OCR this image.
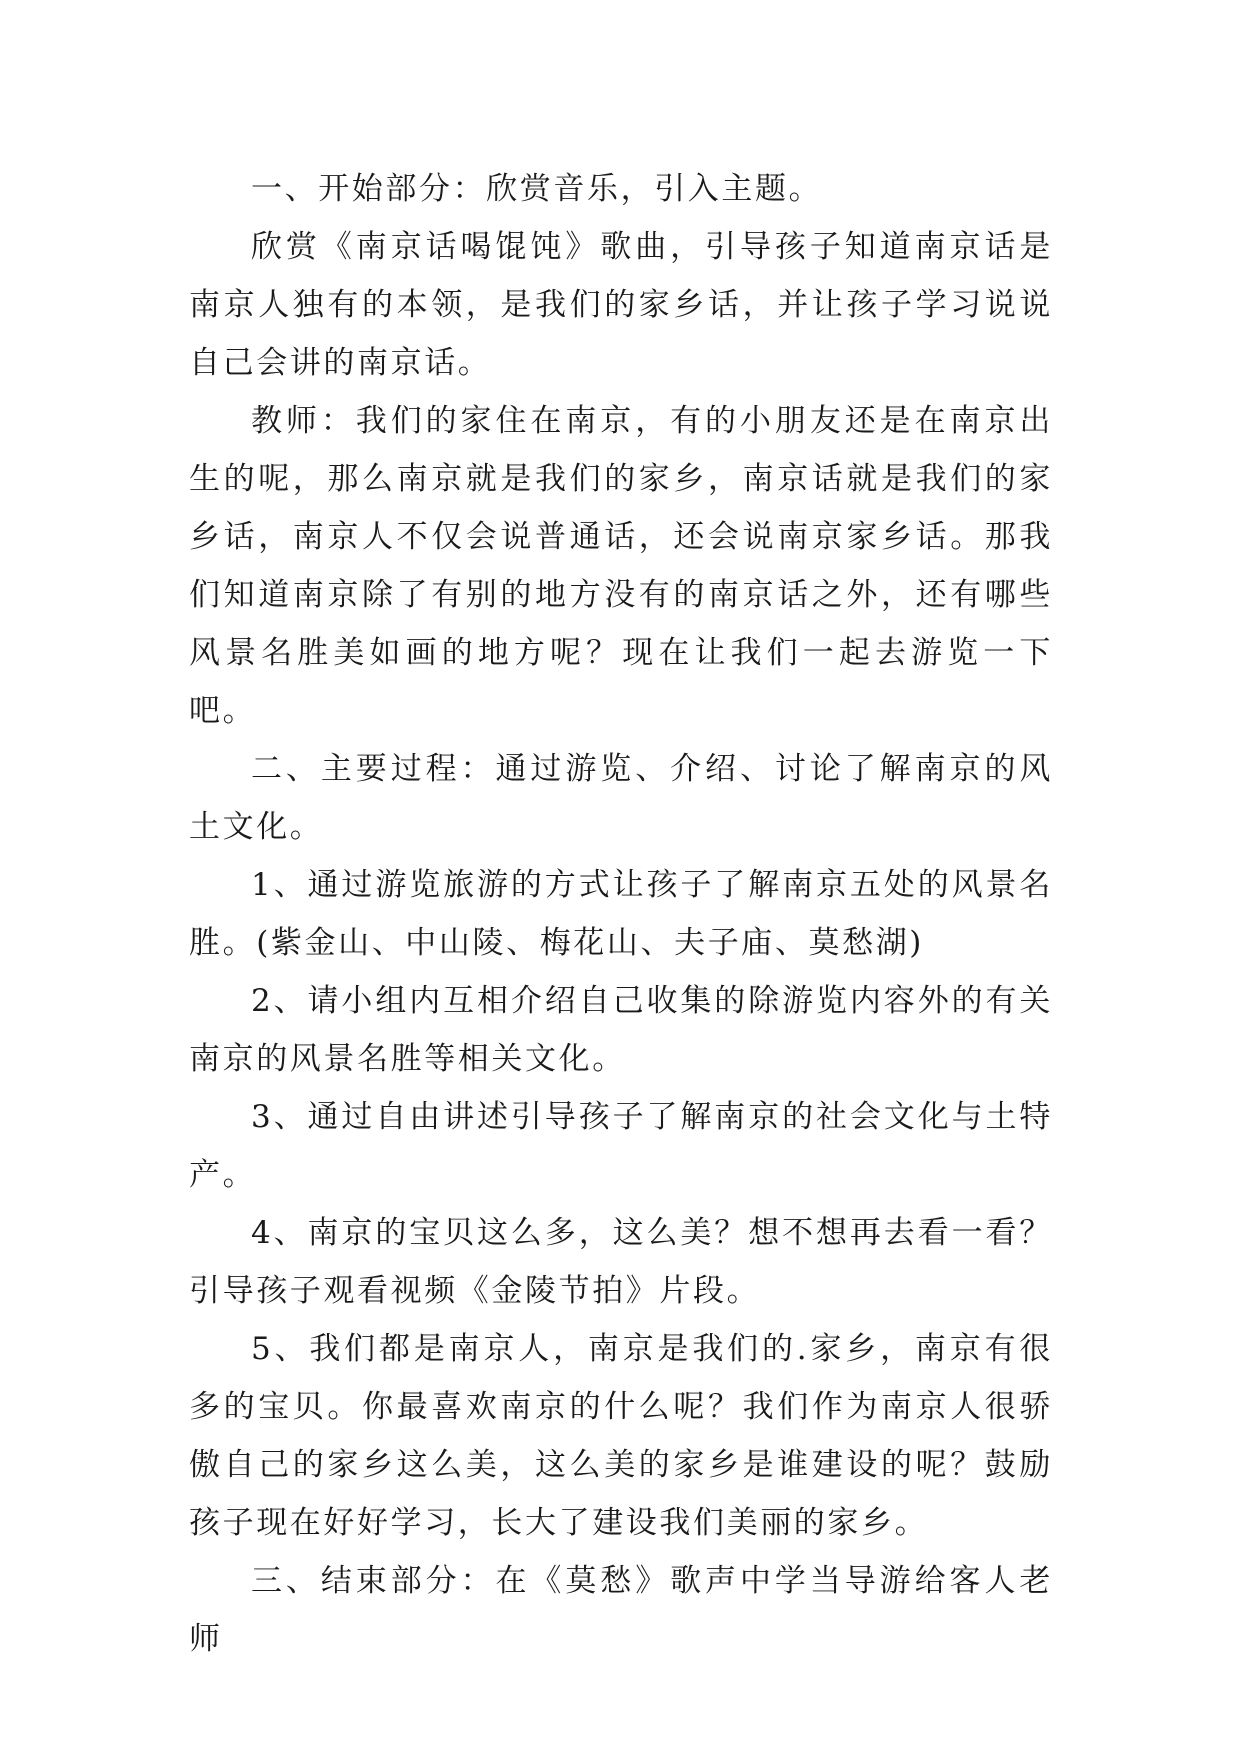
一、开始部分：欣赏音乐，引入主题。

欣赏《南京话喝馄饨》歌曲，引导孩子知道南京话是南京人独有的本领，是我们的家乡话，并让孩子学习说说自己会讲的南京话。

教师：我们的家住在南京，有的小朋友还是在南京出生的呢，那么南京就是我们的家乡，南京话就是我们的家乡话，南京人不仅会说普通话，还会说南京家乡话。那我们知道南京除了有别的地方没有的南京话之外，还有哪些风景名胜美如画的地方呢？现在让我们一起去游览一下吧。

二、主要过程：通过游览、介绍、讨论了解南京的风土文化。

1、通过游览旅游的方式让孩子了解南京五处的风景名胜。(紫金山、中山陵、梅花山、夫子庙、莫愁湖)

2、请小组内互相介绍自己收集的除游览内容外的有关南京的风景名胜等相关文化。

3、通过自由讲述引导孩子了解南京的社会文化与土特产。

4、南京的宝贝这么多，这么美？想不想再去看一看？引导孩子观看视频《金陵节拍》片段。

5、我们都是南京人，南京是我们的.家乡，南京有很多的宝贝。你最喜欢南京的什么呢？我们作为南京人很骄傲自己的家乡这么美，这么美的家乡是谁建设的呢？鼓励孩子现在好好学习，长大了建设我们美丽的家乡。

三、结束部分：在《莫愁》歌声中学当导游给客人老师
